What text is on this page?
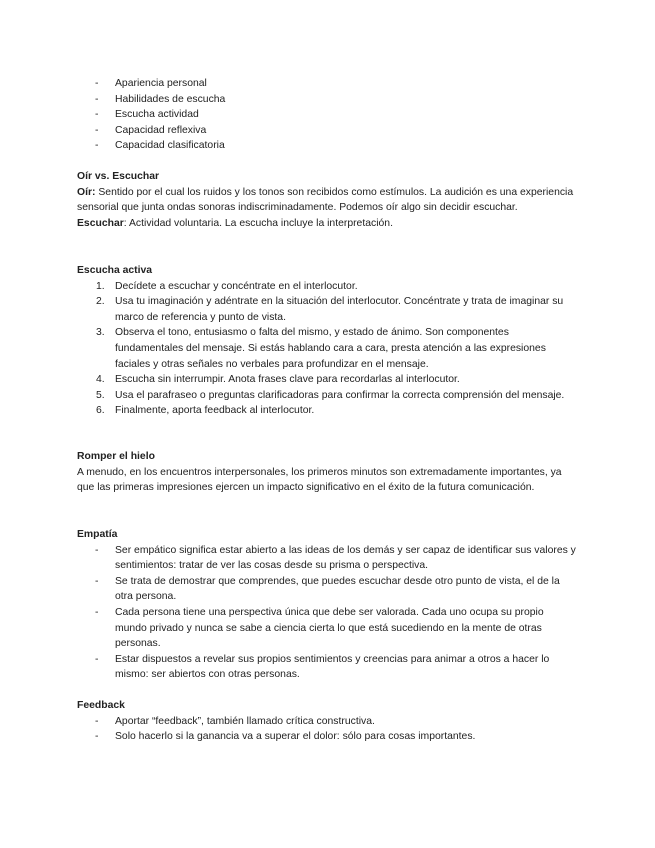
- Apariencia personal
- Habilidades de escucha
- Escucha actividad
- Capacidad reflexiva
- Capacidad clasificatoria

Oír vs. Escuchar

Oír: Sentido por el cual los ruidos y los tonos son recibidos como estímulos. La audición es una experiencia sensorial que junta ondas sonoras indiscriminadamente. Podemos oír algo sin decidir escuchar.

Escuchar: Actividad voluntaria. La escucha incluye la interpretación.

Escucha activa

1. Decídete a escuchar y concéntrate en el interlocutor.
2. Usa tu imaginación y adéntrate en la situación del interlocutor. Concéntrate y trata de imaginar su marco de referencia y punto de vista.
3. Observa el tono, entusiasmo o falta del mismo, y estado de ánimo. Son componentes fundamentales del mensaje. Si estás hablando cara a cara, presta atención a las expresiones faciales y otras señales no verbales para profundizar en el mensaje.
4. Escucha sin interrumpir. Anota frases clave para recordarlas al interlocutor.
5. Usa el parafraseo o preguntas clarificadoras para confirmar la correcta comprensión del mensaje.
6. Finalmente, aporta feedback al interlocutor.

Romper el hielo

A menudo, en los encuentros interpersonales, los primeros minutos son extremadamente importantes, ya que las primeras impresiones ejercen un impacto significativo en el éxito de la futura comunicación.

Empatía

- Ser empático significa estar abierto a las ideas de los demás y ser capaz de identificar sus valores y sentimientos: tratar de ver las cosas desde su prisma o perspectiva.
- Se trata de demostrar que comprendes, que puedes escuchar desde otro punto de vista, el de la otra persona.
- Cada persona tiene una perspectiva única que debe ser valorada. Cada uno ocupa su propio mundo privado y nunca se sabe a ciencia cierta lo que está sucediendo en la mente de otras personas.
- Estar dispuestos a revelar sus propios sentimientos y creencias para animar a otros a hacer lo mismo: ser abiertos con otras personas.

Feedback

- Aportar “feedback”, también llamado crítica constructiva.
- Solo hacerlo si la ganancia va a superar el dolor: sólo para cosas importantes.
